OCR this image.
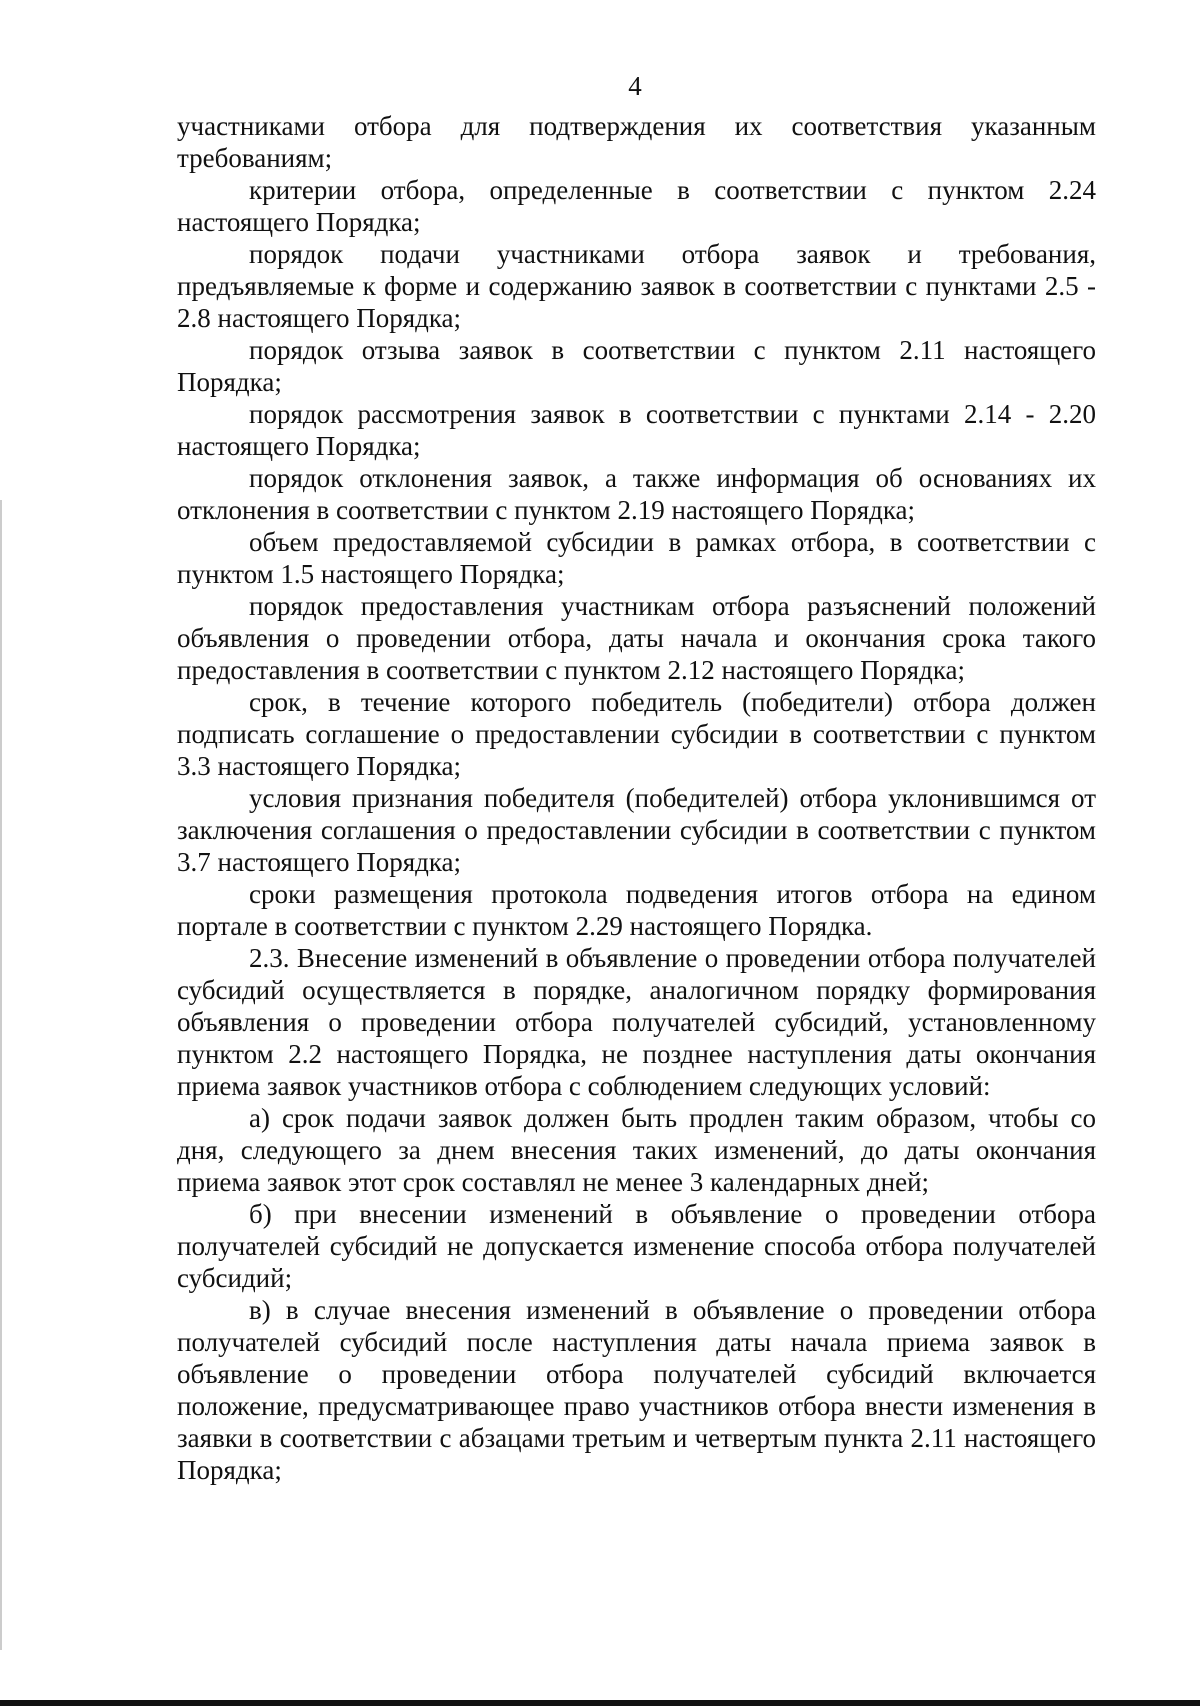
4

участниками отбора для подтверждения их соответствия указанным требованиям;

критерии отбора, определенные в соответствии с пунктом 2.24 настоящего Порядка;

порядок подачи участниками отбора заявок и требования, предъявляемые к форме и содержанию заявок в соответствии с пунктами 2.5 - 2.8 настоящего Порядка;

порядок отзыва заявок в соответствии с пунктом 2.11 настоящего Порядка;

порядок рассмотрения заявок в соответствии с пунктами 2.14 - 2.20 настоящего Порядка;

порядок отклонения заявок, а также информация об основаниях их отклонения в соответствии с пунктом 2.19 настоящего Порядка;

объем предоставляемой субсидии в рамках отбора, в соответствии с пунктом 1.5 настоящего Порядка;

порядок предоставления участникам отбора разъяснений положений объявления о проведении отбора, даты начала и окончания срока такого предоставления в соответствии с пунктом 2.12 настоящего Порядка;

срок, в течение которого победитель (победители) отбора должен подписать соглашение о предоставлении субсидии в соответствии с пунктом 3.3 настоящего Порядка;

условия признания победителя (победителей) отбора уклонившимся от заключения соглашения о предоставлении субсидии в соответствии с пунктом 3.7 настоящего Порядка;

сроки размещения протокола подведения итогов отбора на едином портале в соответствии с пунктом 2.29 настоящего Порядка.

2.3. Внесение изменений в объявление о проведении отбора получателей субсидий осуществляется в порядке, аналогичном порядку формирования объявления о проведении отбора получателей субсидий, установленному пунктом 2.2 настоящего Порядка, не позднее наступления даты окончания приема заявок участников отбора с соблюдением следующих условий:

а) срок подачи заявок должен быть продлен таким образом, чтобы со дня, следующего за днем внесения таких изменений, до даты окончания приема заявок этот срок составлял не менее 3 календарных дней;

б) при внесении изменений в объявление о проведении отбора получателей субсидий не допускается изменение способа отбора получателей субсидий;

в) в случае внесения изменений в объявление о проведении отбора получателей субсидий после наступления даты начала приема заявок в объявление о проведении отбора получателей субсидий включается положение, предусматривающее право участников отбора внести изменения в заявки в соответствии с абзацами третьим и четвертым пункта 2.11 настоящего Порядка;
